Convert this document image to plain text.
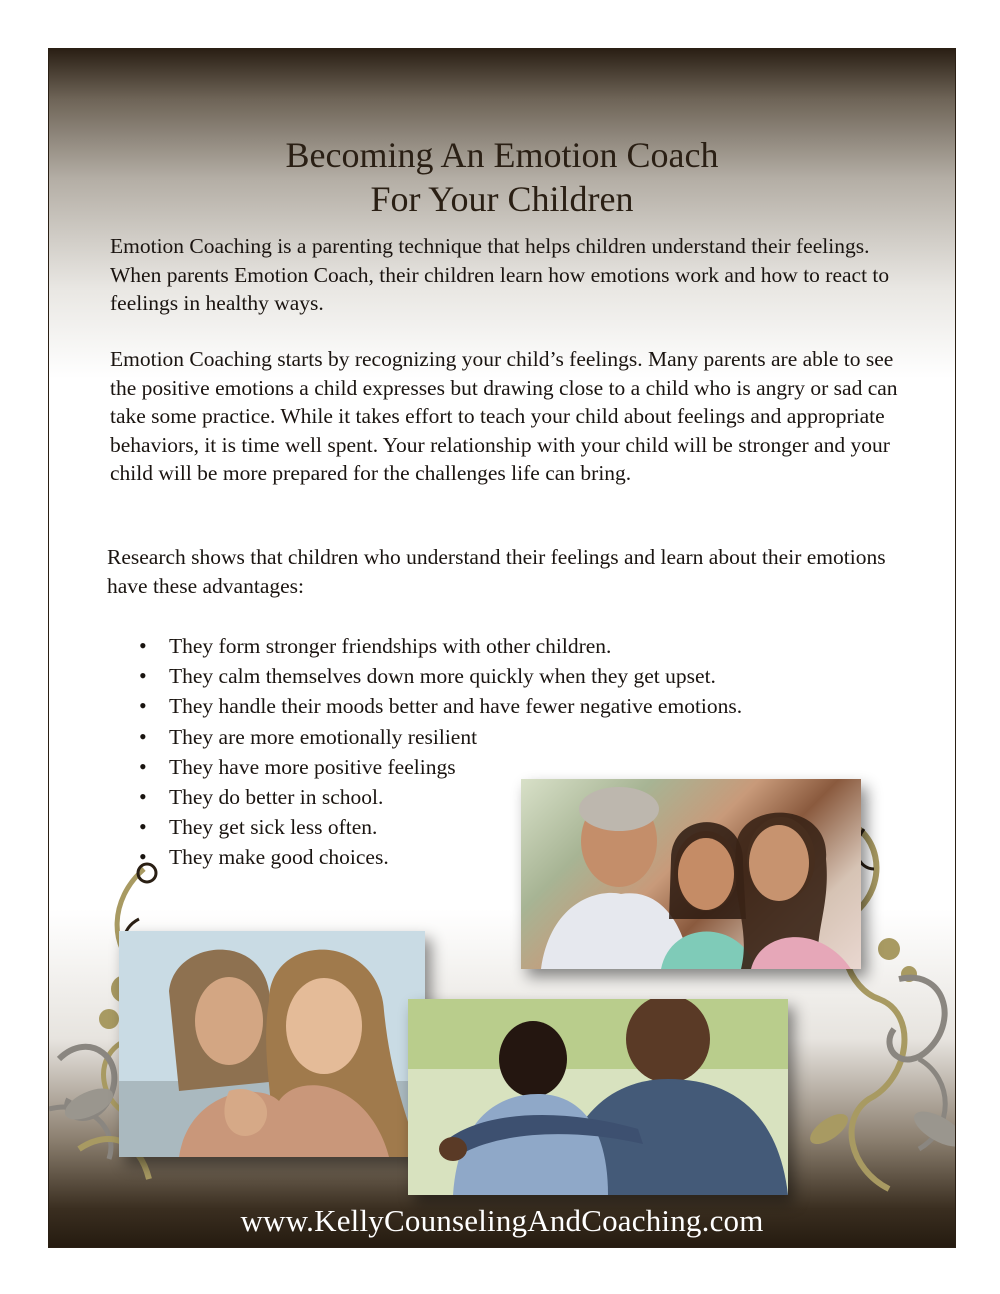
Becoming An Emotion Coach
For Your Children

Emotion Coaching is a parenting technique that helps children understand their feelings. When parents Emotion Coach, their children learn how emotions work and how to react to feelings in healthy ways.

Emotion Coaching starts by recognizing your child’s feelings. Many parents are able to see the positive emotions a child expresses but drawing close to a child who is angry or sad can take some practice. While it takes effort to teach your child about feelings and appropriate behaviors, it is time well spent. Your relationship with your child will be stronger and your child will be more prepared for the challenges life can bring.

Research shows that children who understand their feelings and learn about their emotions have these advantages:

• They form stronger friendships with other children.
• They calm themselves down more quickly when they get upset.
• They handle their moods better and have fewer negative emotions.
• They are more emotionally resilient
• They have more positive feelings
• They do better in school.
• They get sick less often.
• They make good choices.
www.KellyCounselingAndCoaching.com
